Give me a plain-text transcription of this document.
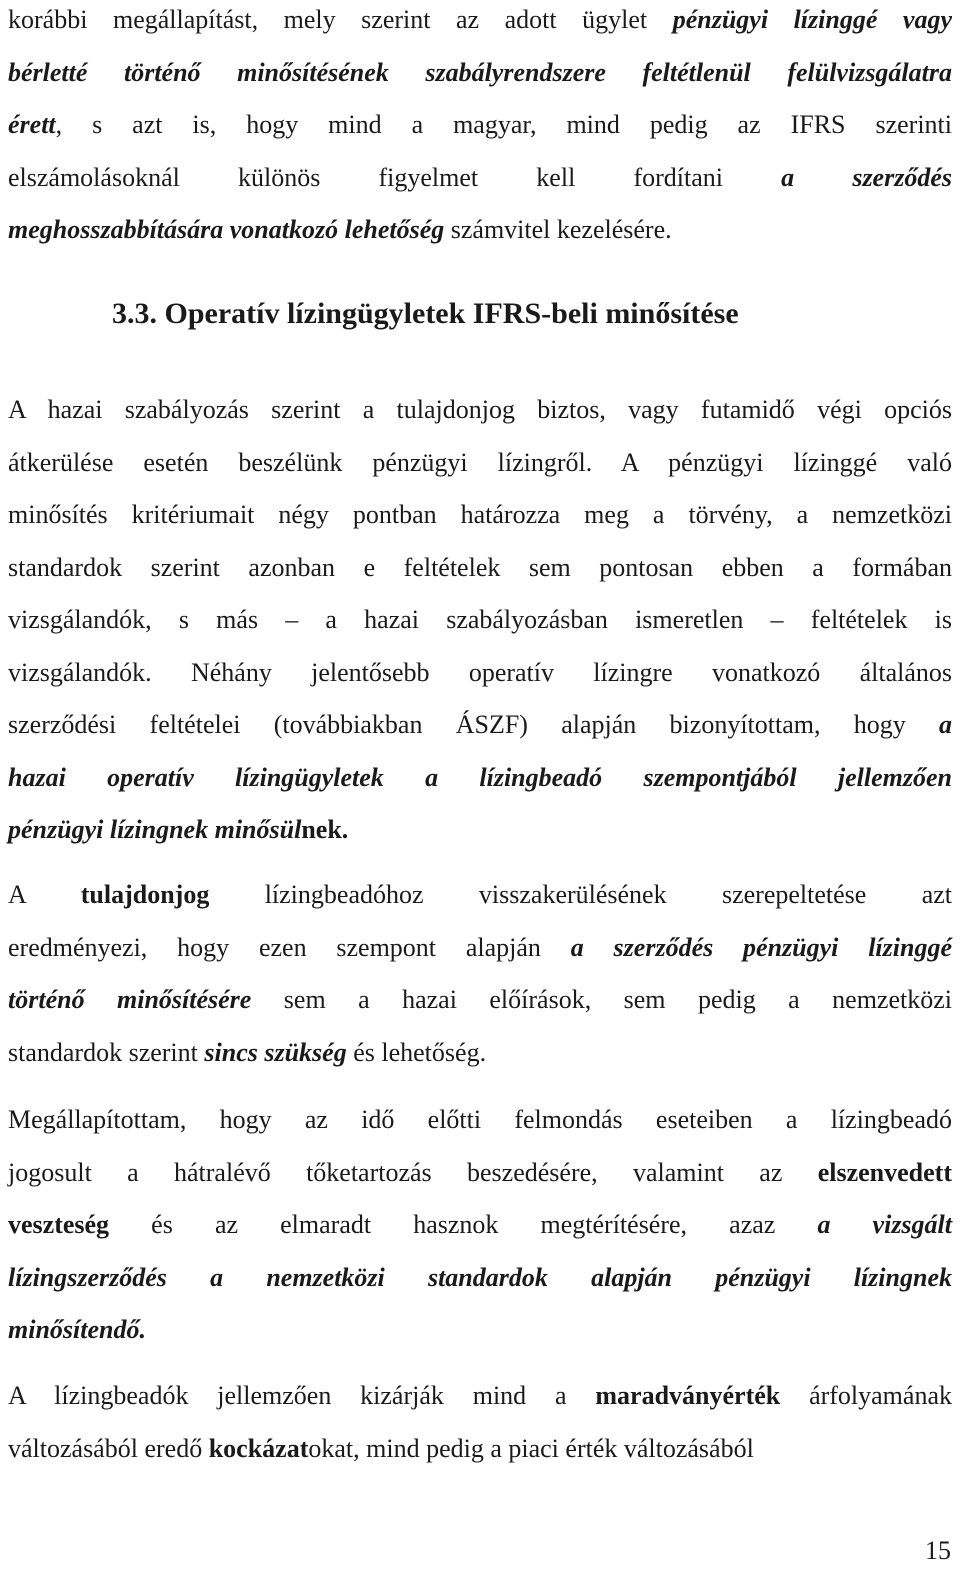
korábbi megállapítást, mely szerint az adott ügylet pénzügyi lízinggé vagy
bérletté történő minősítésének szabályrendszere feltétlenül felülvizsgálatra
érett, s azt is, hogy mind a magyar, mind pedig az IFRS szerinti
elszámolásoknál különös figyelmet kell fordítani a szerződés
meghosszabbítására vonatkozó lehetőség számvitel kezelésére.
3.3. Operatív lízingügyletek IFRS-beli minősítése
A hazai szabályozás szerint a tulajdonjog biztos, vagy futamidő végi opciós
átkerülése esetén beszélünk pénzügyi lízingről. A pénzügyi lízinggé való
minősítés kritériumait négy pontban határozza meg a törvény, a nemzetközi
standardok szerint azonban e feltételek sem pontosan ebben a formában
vizsgálandók, s más – a hazai szabályozásban ismeretlen – feltételek is
vizsgálandók. Néhány jelentősebb operatív lízingre vonatkozó általános
szerződési feltételei (továbbiakban ÁSZF) alapján bizonyítottam, hogy a
hazai operatív lízingügyletek a lízingbeadó szempontjából jellemzően
pénzügyi lízingnek minősülnek.
A tulajdonjog lízingbeadóhoz visszakerülésének szerepeltetése azt
eredményezi, hogy ezen szempont alapján a szerződés pénzügyi lízinggé
történő minősítésére sem a hazai előírások, sem pedig a nemzetközi
standardok szerint sincs szükség és lehetőség.
Megállapítottam, hogy az idő előtti felmondás eseteiben a lízingbeadó
jogosult a hátralévő tőketartozás beszedésére, valamint az elszenvedett
veszteség és az elmaradt hasznok megtérítésére, azaz a vizsgált
lízingszerződés a nemzetközi standardok alapján pénzügyi lízingnek
minősítendő.
A lízingbeadók jellemzően kizárják mind a maradványérték árfolyamának
változásából eredő kockázatokat, mind pedig a piaci érték változásából
15
